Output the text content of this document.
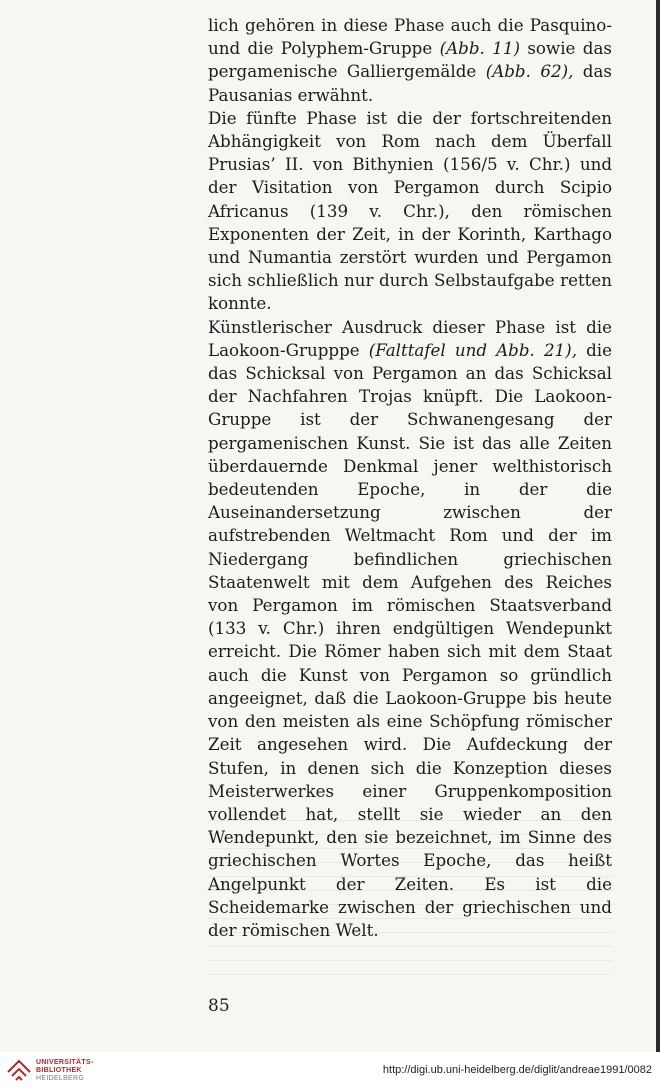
lich gehören in diese Phase auch die Pasquino- und die Polyphem-Gruppe (Abb. 11) sowie das pergamenische Galliergemälde (Abb. 62), das Pausanias erwähnt.

Die fünfte Phase ist die der fortschreitenden Abhängigkeit von Rom nach dem Überfall Prusias’ II. von Bithynien (156/5 v. Chr.) und der Visitation von Pergamon durch Scipio Africanus (139 v. Chr.), den römischen Exponenten der Zeit, in der Korinth, Karthago und Numantia zerstört wurden und Pergamon sich schließlich nur durch Selbstaufgabe retten konnte.

Künstlerischer Ausdruck dieser Phase ist die Laokoon-Grupppe (Falttafel und Abb. 21), die das Schicksal von Pergamon an das Schicksal der Nachfahren Trojas knüpft. Die Laokoon-Gruppe ist der Schwanengesang der pergamenischen Kunst. Sie ist das alle Zeiten überdauernde Denkmal jener welthistorisch bedeutenden Epoche, in der die Auseinandersetzung zwischen der aufstrebenden Weltmacht Rom und der im Niedergang befindlichen griechischen Staatenwelt mit dem Aufgehen des Reiches von Pergamon im römischen Staatsverband (133 v. Chr.) ihren endgültigen Wendepunkt erreicht. Die Römer haben sich mit dem Staat auch die Kunst von Pergamon so gründlich angeeignet, daß die Laokoon-Gruppe bis heute von den meisten als eine Schöpfung römischer Zeit angesehen wird. Die Aufdeckung der Stufen, in denen sich die Konzeption dieses Meisterwerkes einer Gruppenkomposition vollendet hat, stellt sie wieder an den Wendepunkt, den sie bezeichnet, im Sinne des griechischen Wortes Epoche, das heißt Angelpunkt der Zeiten. Es ist die Scheidemarke zwischen der griechischen und der römischen Welt.

85
UNIVERSITÄTS-
BIBLIOTHEK
HEIDELBERG
http://digi.ub.uni-heidelberg.de/diglit/andreae1991/0082
